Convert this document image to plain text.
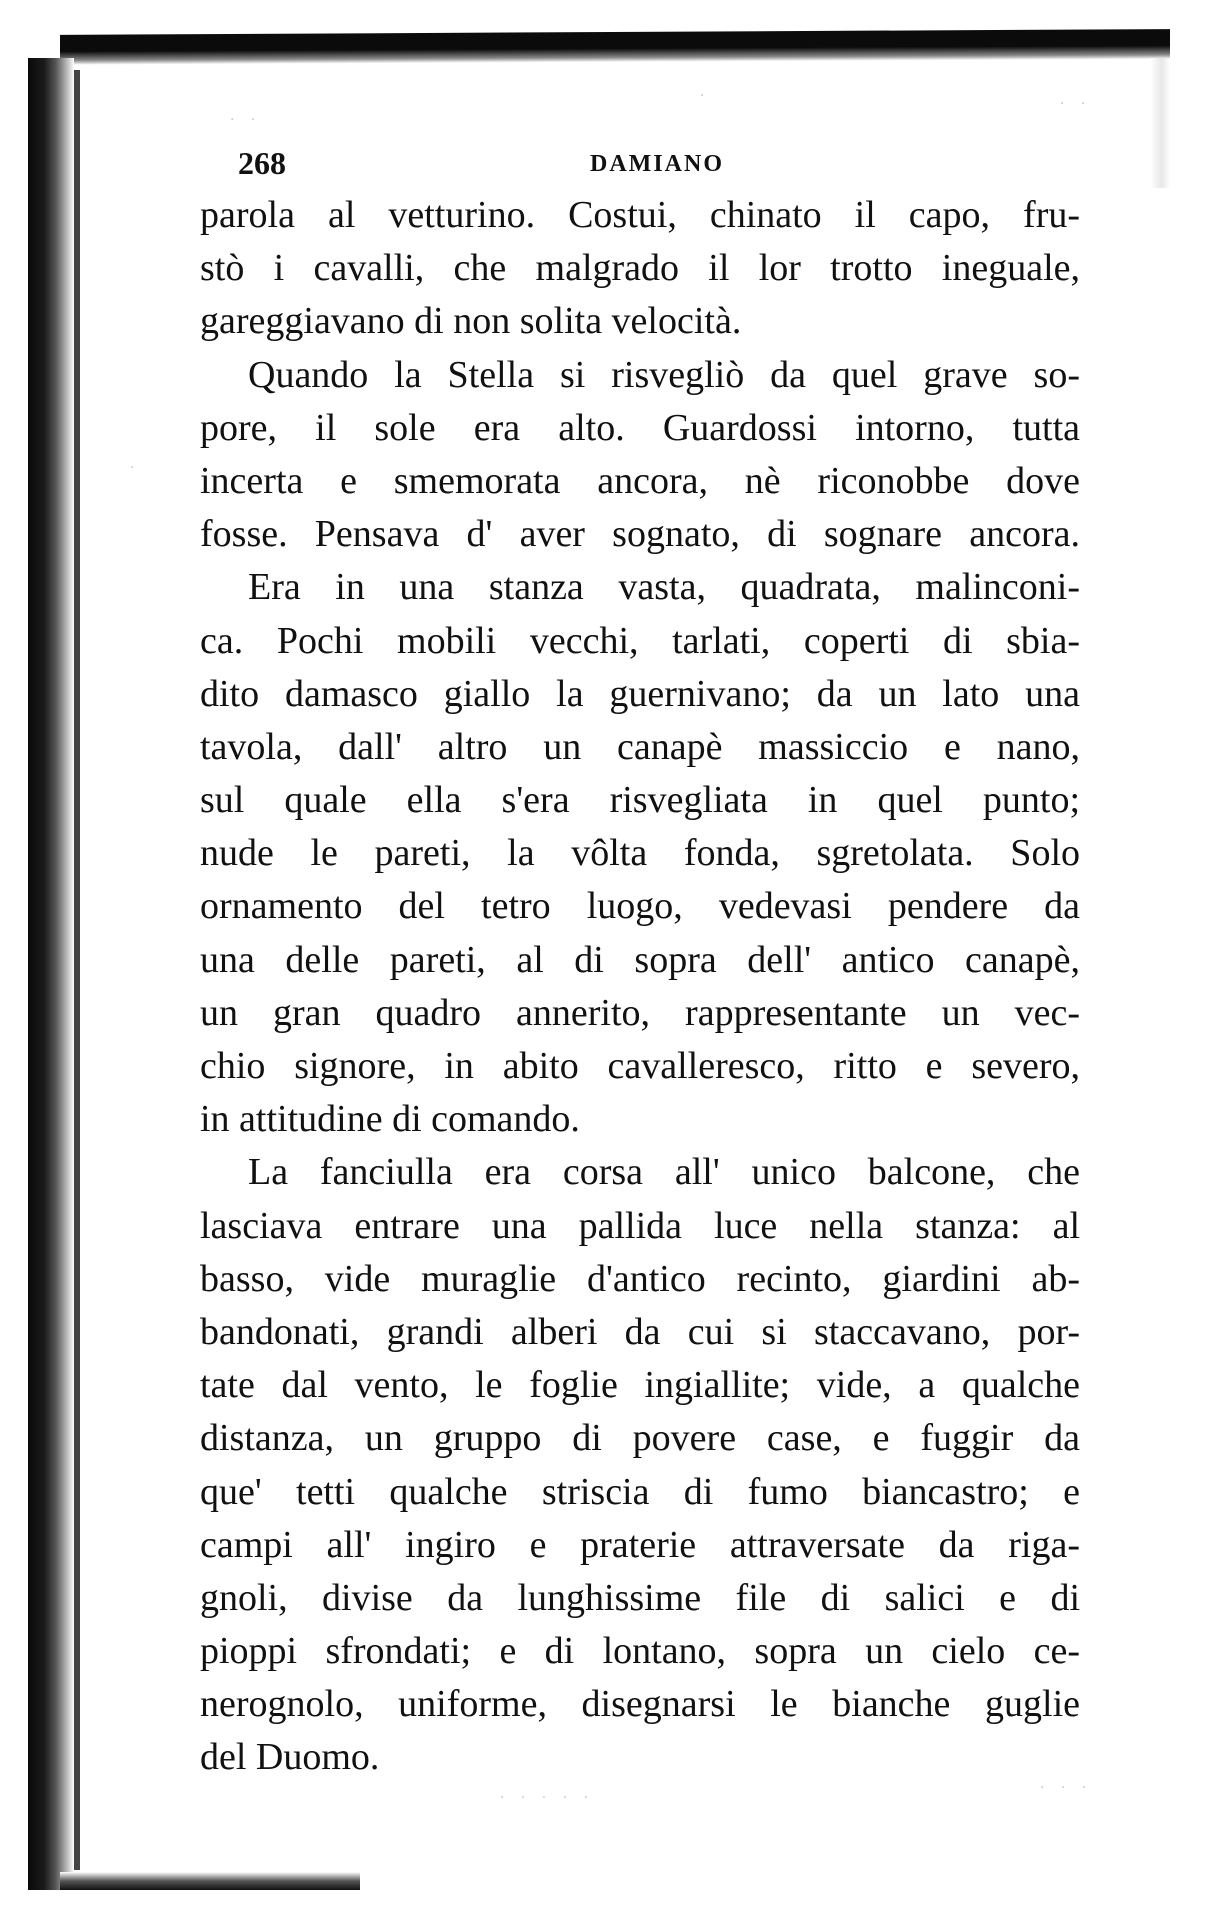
·
· ·
· ·
·
· · · · ·
· · ·
268	DAMIANO
parola al vetturino. Costui, chinato il capo, fru-
stò i cavalli, che malgrado il lor trotto ineguale,
gareggiavano di non solita velocità.
Quando la Stella si risvegliò da quel grave so-
pore, il sole era alto. Guardossi intorno, tutta
incerta e smemorata ancora, nè riconobbe dove
fosse. Pensava d' aver sognato, di sognare ancora.
Era in una stanza vasta, quadrata, malinconi-
ca. Pochi mobili vecchi, tarlati, coperti di sbia-
dito damasco giallo la guernivano; da un lato una
tavola, dall' altro un canapè massiccio e nano,
sul quale ella s'era risvegliata in quel punto;
nude le pareti, la vôlta fonda, sgretolata. Solo
ornamento del tetro luogo, vedevasi pendere da
una delle pareti, al di sopra dell' antico canapè,
un gran quadro annerito, rappresentante un vec-
chio signore, in abito cavalleresco, ritto e severo,
in attitudine di comando.
La fanciulla era corsa all' unico balcone, che
lasciava entrare una pallida luce nella stanza: al
basso, vide muraglie d'antico recinto, giardini ab-
bandonati, grandi alberi da cui si staccavano, por-
tate dal vento, le foglie ingiallite; vide, a qualche
distanza, un gruppo di povere case, e fuggir da
que' tetti qualche striscia di fumo biancastro; e
campi all' ingiro e praterie attraversate da riga-
gnoli, divise da lunghissime file di salici e di
pioppi sfrondati; e di lontano, sopra un cielo ce-
nerognolo, uniforme, disegnarsi le bianche guglie
del Duomo.
